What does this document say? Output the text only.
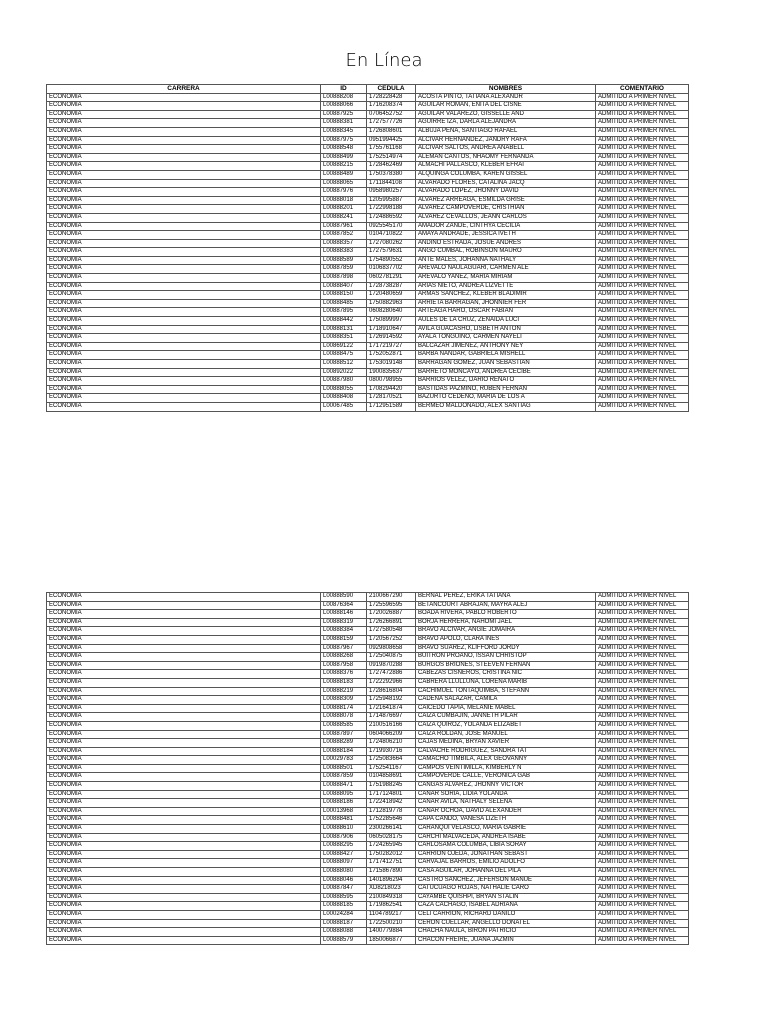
En Línea
CARRERA	ID	CEDULA	NOMBRES	COMENTARIO
ECONOMIA	L00888208	1728228428	ACOSTA PINTO, TATIANA ALEXANDR	ADMITIDO A PRIMER NIVEL
ECONOMIA	L00888066	1716208374	AGUILAR ROMAN, ENITA DEL CISNE	ADMITIDO A PRIMER NIVEL
ECONOMIA	L00887925	0706452752	AGUILAR VALAREZO, GISSELLE AND	ADMITIDO A PRIMER NIVEL
ECONOMIA	L00888381	1727577726	AGUIRRE IZA, DARLA ALEJANDRA	ADMITIDO A PRIMER NIVEL
ECONOMIA	L00888345	1726808601	ALBUJA PEÑA, SANTIAGO RAFAEL	ADMITIDO A PRIMER NIVEL
ECONOMIA	L00887975	0951994425	ALCIVAR HERNANDEZ, JANDRY RAFA	ADMITIDO A PRIMER NIVEL
ECONOMIA	L00888548	1755761168	ALCIVAR SALTOS, ANDREA ANABELL	ADMITIDO A PRIMER NIVEL
ECONOMIA	L00888499	1752514974	ALEMAN CANTOS, NHAOMY FERNANDA	ADMITIDO A PRIMER NIVEL
ECONOMIA	L00888215	1728462469	ALMACHI PALLASCO, KLEBER EFRAI	ADMITIDO A PRIMER NIVEL
ECONOMIA	L00888489	1750378380	ALQUINGA COLUMBA, KAREN GISSEL	ADMITIDO A PRIMER NIVEL
ECONOMIA	L00888065	1711844108	ALVARADO FLORES, CATALINA JACQ	ADMITIDO A PRIMER NIVEL
ECONOMIA	L00887976	0958980257	ALVARADO LOPEZ, JHONNY DAVID	ADMITIDO A PRIMER NIVEL
ECONOMIA	L00888018	1205995887	ALVAREZ ARREAGA, ESMILDA GRISE	ADMITIDO A PRIMER NIVEL
ECONOMIA	L00888201	1722998188	ALVAREZ CAMPOVERDE, CRISTHIAN	ADMITIDO A PRIMER NIVEL
ECONOMIA	L00888241	1724886592	ALVAREZ CEVALLOS, JEANN CARLOS	ADMITIDO A PRIMER NIVEL
ECONOMIA	L00887961	0925545170	AMADOR ZANDE, CINTHYA CECILIA	ADMITIDO A PRIMER NIVEL
ECONOMIA	L00887852	0104710822	AMAYA ANDRADE, JESSICA IVETH	ADMITIDO A PRIMER NIVEL
ECONOMIA	L00888357	1727080262	ANDINO ESTRADA, JOSUE ANDRES	ADMITIDO A PRIMER NIVEL
ECONOMIA	L00888383	1727579631	ANGO CUMBAL, ROBINSON MAURO	ADMITIDO A PRIMER NIVEL
ECONOMIA	L00888589	1754890552	ANTE MALES, JOHANNA NATHALY	ADMITIDO A PRIMER NIVEL
ECONOMIA	L00887859	0106837702	AREVALO NAULAGUARI, CARMEN ALE	ADMITIDO A PRIMER NIVEL
ECONOMIA	L00887898	0602781291	AREVALO YANEZ, MARIA MIRIAM	ADMITIDO A PRIMER NIVEL
ECONOMIA	L00888407	1728738287	ARIAS NIETO, ANDREA LIZVETTE	ADMITIDO A PRIMER NIVEL
ECONOMIA	L00888150	1720480659	ARMAS SANCHEZ, KLEBER BLADIMIR	ADMITIDO A PRIMER NIVEL
ECONOMIA	L00888485	1750882963	ARRIETA BARRAGAN, JHONNIER FER	ADMITIDO A PRIMER NIVEL
ECONOMIA	L00887895	0608280640	ARTEAGA HARO, OSCAR FABIAN	ADMITIDO A PRIMER NIVEL
ECONOMIA	L00888442	1750899997	AULES DE LA CRUZ, ZENAIDA LUCI	ADMITIDO A PRIMER NIVEL
ECONOMIA	L00888131	1718910647	AVILA GUACASHO, LISBETH ANTON	ADMITIDO A PRIMER NIVEL
ECONOMIA	L00888351	1726914592	AYALA TONGUINO, CARMEN NAYELI	ADMITIDO A PRIMER NIVEL
ECONOMIA	L00869122	1717219727	BALCAZAR JIMENEZ, ANTHONY NEY	ADMITIDO A PRIMER NIVEL
ECONOMIA	L00888475	1752052871	BARBA NANDAR, GABRIELA MISHELL	ADMITIDO A PRIMER NIVEL
ECONOMIA	L00888512	1753019148	BARRAGAN GOMEZ, JUAN SEBASTIAN	ADMITIDO A PRIMER NIVEL
ECONOMIA	L00892022	1900835637	BARRETO MONCAYO, ANDREA CECIBE	ADMITIDO A PRIMER NIVEL
ECONOMIA	L00887980	0800798955	BARRIOS VELEZ, DARIO RENATO	ADMITIDO A PRIMER NIVEL
ECONOMIA	L00888055	1708294420	BASTIDAS PAZMIÑO, RUBEN FERNAN	ADMITIDO A PRIMER NIVEL
ECONOMIA	L00888408	1728170521	BAZURTO CEDEÑO, MARIA DE LOS A	ADMITIDO A PRIMER NIVEL
ECONOMIA	L00067485	1712951589	BERMEO MALDONADO, ALEX SANTIAG	ADMITIDO A PRIMER NIVEL
ECONOMIA	L00888590	2100667290	BERNAL PEREZ, ERIKA TATIANA	ADMITIDO A PRIMER NIVEL
ECONOMIA	L00876364	1725596595	BETANCOURT ABRAJAN, MAYRA ALEJ	ADMITIDO A PRIMER NIVEL
ECONOMIA	L00888146	1720026887	BOADA RIVERA, PABLO ROBERTO	ADMITIDO A PRIMER NIVEL
ECONOMIA	L00888319	1726266891	BORJA HERRERA, NAHOMI JAEL	ADMITIDO A PRIMER NIVEL
ECONOMIA	L00888384	1727580548	BRAVO ALCIVAR, ANGIE JOMAIRA	ADMITIDO A PRIMER NIVEL
ECONOMIA	L00888159	1720567252	BRAVO APOLO, CLARA INES	ADMITIDO A PRIMER NIVEL
ECONOMIA	L00887967	0929808658	BRAVO SUAREZ, KLIFFORD JORDY	ADMITIDO A PRIMER NIVEL
ECONOMIA	L00888268	1725040875	BUITRON PROANO, ISSAN CHRISTOP	ADMITIDO A PRIMER NIVEL
ECONOMIA	L00887958	0919870288	BURGOS BRIONES, STEEVEN FERNAN	ADMITIDO A PRIMER NIVEL
ECONOMIA	L00888376	1727472886	CABEZAS CISNEROS, CRISTINA NIC	ADMITIDO A PRIMER NIVEL
ECONOMIA	L00888183	1722292966	CABRERA LLULLUNA, LORENA MARIB	ADMITIDO A PRIMER NIVEL
ECONOMIA	L00888219	1728616804	CACHIMUEL TONTAQUIMBA, STEFANN	ADMITIDO A PRIMER NIVEL
ECONOMIA	L00888309	1725948192	CADENA SALAZAR, CAMILA	ADMITIDO A PRIMER NIVEL
ECONOMIA	L00888174	1721641874	CAICEDO TAPIA, MELANIE MABEL	ADMITIDO A PRIMER NIVEL
ECONOMIA	L00888078	1714876697	CAIZA CUMBAJIN, JANNETH PILAR	ADMITIDO A PRIMER NIVEL
ECONOMIA	L00888585	2100516166	CAIZA QUIROZ, YOLANDA ELIZABET	ADMITIDO A PRIMER NIVEL
ECONOMIA	L00887897	0604066209	CAIZA ROLDAN, JOSE MANUEL	ADMITIDO A PRIMER NIVEL
ECONOMIA	L00888289	1724806210	CAJAS MEDINA, BRYAN XAVIER	ADMITIDO A PRIMER NIVEL
ECONOMIA	L00888184	1719930716	CALVACHE RODRIGUEZ, SANDRA TAT	ADMITIDO A PRIMER NIVEL
ECONOMIA	L00029783	1725083664	CAMACHO TIMBILA, ALEX GEOVANNY	ADMITIDO A PRIMER NIVEL
ECONOMIA	L00888501	1752541167	CAMPOS VEINTIMILLA, KIMBERLY N	ADMITIDO A PRIMER NIVEL
ECONOMIA	L00887859	0104858691	CAMPOVERDE CALLE, VERONICA GAB	ADMITIDO A PRIMER NIVEL
ECONOMIA	L00888471	1751988245	CANGAS ALVAREZ, JHONNY VICTOR	ADMITIDO A PRIMER NIVEL
ECONOMIA	L00888095	1717124801	CAÑAR SORIA, LIDIA YOLANDA	ADMITIDO A PRIMER NIVEL
ECONOMIA	L00888186	1722418942	CAÑAR AVILA, NATHALY SELENA	ADMITIDO A PRIMER NIVEL
ECONOMIA	L00013968	1712819778	CAÑAR OCHOA, DAVID ALEXANDER	ADMITIDO A PRIMER NIVEL
ECONOMIA	L00888481	1752285646	CAPA CANDO, VANESA LIZETH	ADMITIDO A PRIMER NIVEL
ECONOMIA	L00888610	2300266141	CARANQUI VELASCO, MARIA GABRIE	ADMITIDO A PRIMER NIVEL
ECONOMIA	L00887906	0605028175	CARCHI MALVACEDA, ANDREA ISABE	ADMITIDO A PRIMER NIVEL
ECONOMIA	L00888295	1724265945	CARLOSAMA COLUMBA, LIBIA SORAY	ADMITIDO A PRIMER NIVEL
ECONOMIA	L00888427	1750282012	CARRION OJEDA, JONATHAN SEBAST	ADMITIDO A PRIMER NIVEL
ECONOMIA	L00888097	1717412751	CARVAJAL BARROS, EMILIO ADOLFO	ADMITIDO A PRIMER NIVEL
ECONOMIA	L00888080	1715867890	CASA AGUILAR, JOHANNA DEL PILA	ADMITIDO A PRIMER NIVEL
ECONOMIA	L00888046	1401896294	CASTRO SANCHEZ, JEFERSON MANUE	ADMITIDO A PRIMER NIVEL
ECONOMIA	L00887847	XD8218023	CATUCUAGO ROJAS, NATHALIE CARO	ADMITIDO A PRIMER NIVEL
ECONOMIA	L00888595	2100849318	CAYAMBE QUISHPI, BRYAN STALIN	ADMITIDO A PRIMER NIVEL
ECONOMIA	L00888185	1719862541	CAZA CACHAGO, ISABEL ADRIANA	ADMITIDO A PRIMER NIVEL
ECONOMIA	L00024284	1104789217	CELI CARRION, RICHARD DANILO	ADMITIDO A PRIMER NIVEL
ECONOMIA	L00888187	1722500210	CERON CUELLAR, ANGELLO DONATEL	ADMITIDO A PRIMER NIVEL
ECONOMIA	L00888088	1400779884	CHACHA NAULA, BIRON PATRICIO	ADMITIDO A PRIMER NIVEL
ECONOMIA	L00888579	1850066877	CHACON FREIRE, JUANA JAZMIN	ADMITIDO A PRIMER NIVEL
